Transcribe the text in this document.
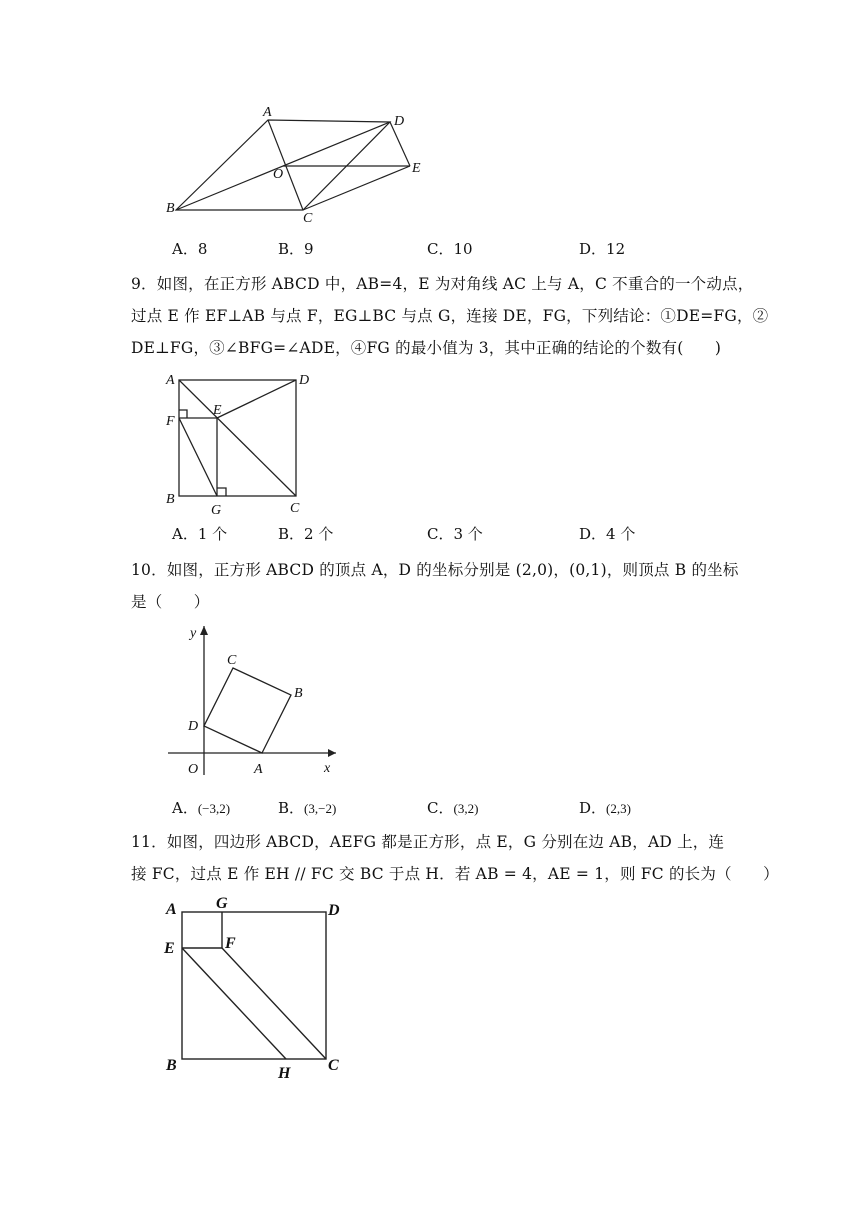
A
D
E
O
B
C
A．8	B．9	C．10	D．12
9．如图，在正方形 ABCD 中，AB=4，E 为对角线 AC 上与 A，C 不重合的一个动点，
过点 E 作 EF⊥AB 与点 F，EG⊥BC 与点 G，连接 DE，FG，下列结论：①DE=FG，②
DE⊥FG，③∠BFG=∠ADE，④FG 的最小值为 3，其中正确的结论的个数有(　　)
A	D
E
F
B
G	C
A．1 个	B．2 个	C．3 个	D．4 个
10．如图，正方形 ABCD 的顶点 A，D 的坐标分别是 (2,0)，(0,1)，则顶点 B 的坐标
是（　　）
y
x
O	A
B
C
D
A．(−3,2)	B．(3,−2)	C．(3,2)	D．(2,3)
11．如图，四边形 ABCD，AEFG 都是正方形，点 E，G 分别在边 AB，AD 上，连
接 FC，过点 E 作 EH // FC 交 BC 于点 H．若 AB = 4，AE = 1，则 FC 的长为（　　）
A G	D
E	F
B	H C
